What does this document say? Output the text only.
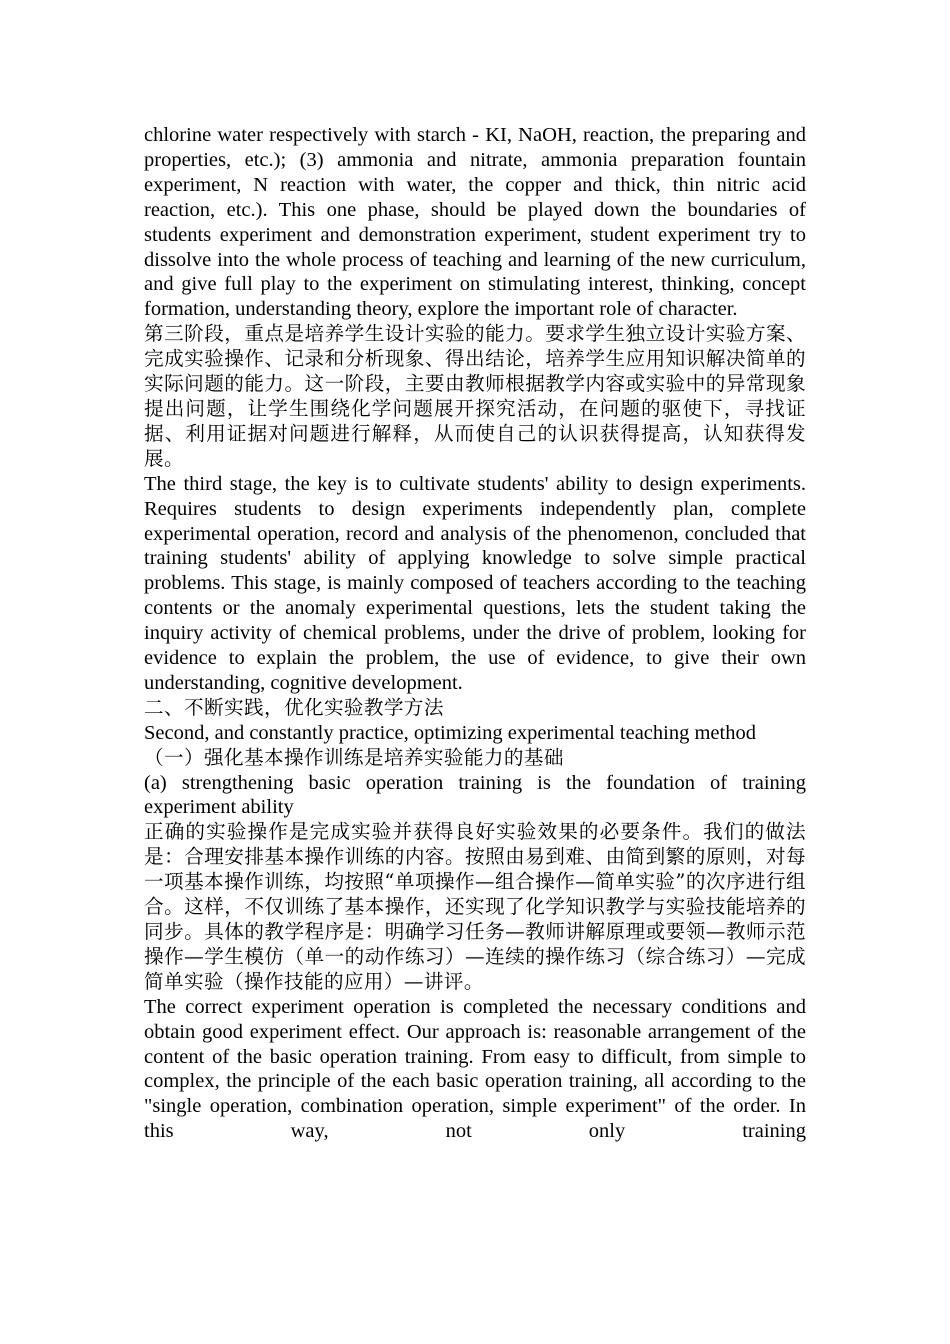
chlorine water respectively with starch - KI, NaOH, reaction, the preparing and properties, etc.); (3) ammonia and nitrate, ammonia preparation fountain experiment, N reaction with water, the copper and thick, thin nitric acid reaction, etc.). This one phase, should be played down the boundaries of students experiment and demonstration experiment, student experiment try to dissolve into the whole process of teaching and learning of the new curriculum, and give full play to the experiment on stimulating interest, thinking, concept formation, understanding theory, explore the important role of character.

第三阶段，重点是培养学生设计实验的能力。要求学生独立设计实验方案、完成实验操作、记录和分析现象、得出结论，培养学生应用知识解决简单的实际问题的能力。这一阶段，主要由教师根据教学内容或实验中的异常现象提出问题，让学生围绕化学问题展开探究活动，在问题的驱使下，寻找证据、利用证据对问题进行解释，从而使自己的认识获得提高，认知获得发展。

The third stage, the key is to cultivate students' ability to design experiments. Requires students to design experiments independently plan, complete experimental operation, record and analysis of the phenomenon, concluded that training students' ability of applying knowledge to solve simple practical problems. This stage, is mainly composed of teachers according to the teaching contents or the anomaly experimental questions, lets the student taking the inquiry activity of chemical problems, under the drive of problem, looking for evidence to explain the problem, the use of evidence, to give their own understanding, cognitive development.

二、不断实践，优化实验教学方法

Second, and constantly practice, optimizing experimental teaching method

（一）强化基本操作训练是培养实验能力的基础

(a) strengthening basic operation training is the foundation of training experiment ability

正确的实验操作是完成实验并获得良好实验效果的必要条件。我们的做法是：合理安排基本操作训练的内容。按照由易到难、由简到繁的原则，对每一项基本操作训练，均按照“单项操作—组合操作—简单实验”的次序进行组合。这样，不仅训练了基本操作，还实现了化学知识教学与实验技能培养的同步。具体的教学程序是：明确学习任务—教师讲解原理或要领—教师示范操作—学生模仿（单一的动作练习）—连续的操作练习（综合练习）—完成简单实验（操作技能的应用）—讲评。

The correct experiment operation is completed the necessary conditions and obtain good experiment effect. Our approach is: reasonable arrangement of the content of the basic operation training. From easy to difficult, from simple to complex, the principle of the each basic operation training, all according to the "single operation, combination operation, simple experiment" of the order. In this way, not only training
